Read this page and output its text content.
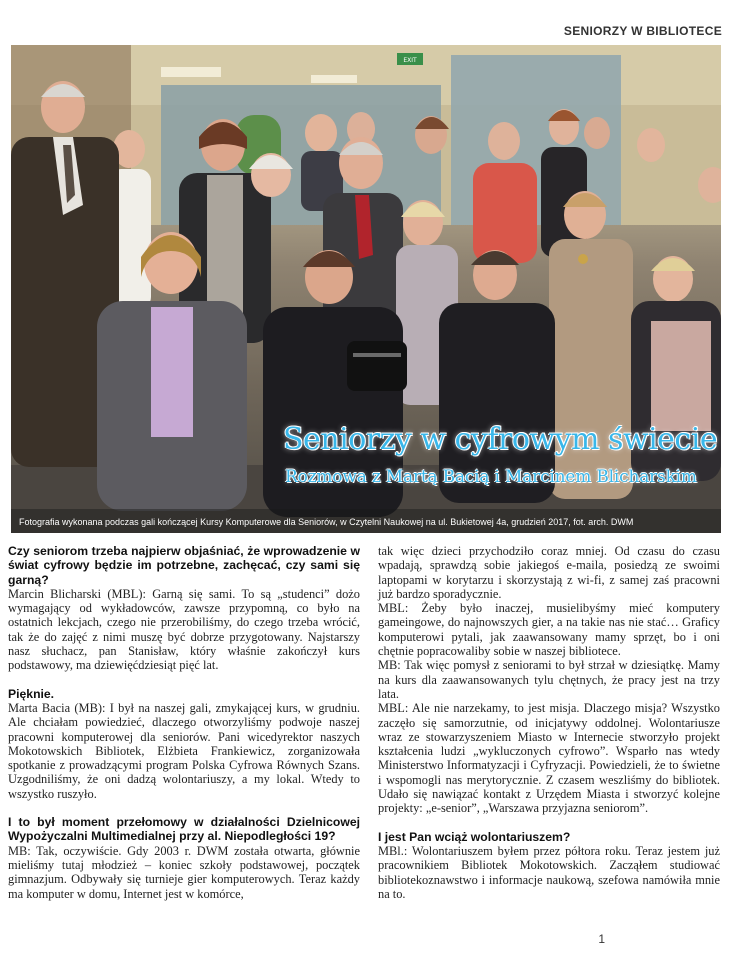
SENIORZY W BIBLIOTECE
EXIT
Seniorzy w cyfrowym świecie
Rozmowa z Martą Bacią i Marcinem Blicharskim
Fotografia wykonana podczas gali kończącej Kursy Komputerowe dla Seniorów, w Czytelni Naukowej na ul. Bukietowej 4a, grudzień 2017, fot. arch. DWM

Czy seniorom trzeba najpierw objaśniać, że wprowadzenie w świat cyfrowy będzie im potrzebne, zachęcać, czy sami się garną?

Marcin Blicharski (MBL): Garną się sami. To są „studenci” dożo wymagający od wykładowców, zawsze przypomną, co było na ostatnich lekcjach, czego nie przerobiliśmy, do czego trzeba wrócić, tak że do zajęć z nimi muszę być dobrze przygotowany. Najstarszy nasz słuchacz, pan Stanisław, który właśnie zakończył kurs podstawowy, ma dziewięćdziesiąt pięć lat.

Pięknie.

Marta Bacia (MB): I był na naszej gali, zmykającej kurs, w grudniu. Ale chciałam powiedzieć, dlaczego otworzyliśmy podwoje naszej pracowni komputerowej dla seniorów. Pani wicedyrektor naszych Mokotowskich Bibliotek, Elżbieta Frankiewicz, zorganizowała spotkanie z prowadzącymi program Polska Cyfrowa Równych Szans. Uzgodniliśmy, że oni dadzą wolontariuszy, a my lokal. Wtedy to wszystko ruszyło.

I to był moment przełomowy w działalności Dzielnicowej Wypożyczalni Multimedialnej przy al. Niepodległości 19?

MB: Tak, oczywiście. Gdy 2003 r. DWM została otwarta, głównie mieliśmy tutaj młodzież – koniec szkoły podstawowej, początek gimnazjum. Odbywały się turnieje gier komputerowych. Teraz każdy ma komputer w domu, Internet jest w komórce,

tak więc dzieci przychodziło coraz mniej. Od czasu do czasu wpadają, sprawdzą sobie jakiegoś e-maila, posiedzą ze swoimi laptopami w korytarzu i skorzystają z wi-fi, z samej zaś pracowni już bardzo sporadycznie.

MBL: Żeby było inaczej, musielibyśmy mieć komputery gameingowe, do najnowszych gier, a na takie nas nie stać… Graficy komputerowi pytali, jak zaawansowany mamy sprzęt, bo i oni chętnie popracowaliby sobie w naszej bibliotece.

MB: Tak więc pomysł z seniorami to był strzał w dziesiątkę. Mamy na kurs dla zaawansowanych tylu chętnych, że pracy jest na trzy lata.

MBL: Ale nie narzekamy, to jest misja. Dlaczego misja? Wszystko zaczęło się samorzutnie, od inicjatywy oddolnej. Wolontariusze wraz ze stowarzyszeniem Miasto w Internecie stworzyło projekt kształcenia ludzi „wykluczonych cyfrowo”. Wsparło nas wtedy Ministerstwo Informatyzacji i Cyfryzacji. Powiedzieli, że to świetne i wspomogli nas merytorycznie. Z czasem weszliśmy do bibliotek. Udało się nawiązać kontakt z Urzędem Miasta i stworzyć kolejne projekty: „e-senior”, „Warszawa przyjazna seniorom”.

I jest Pan wciąż wolontariuszem?

MBl.: Wolontariuszem byłem przez półtora roku. Teraz jestem już pracownikiem Bibliotek Mokotowskich. Zacząłem studiować bibliotekoznawstwo i informacje naukową, szefowa namówiła mnie na to.

1
